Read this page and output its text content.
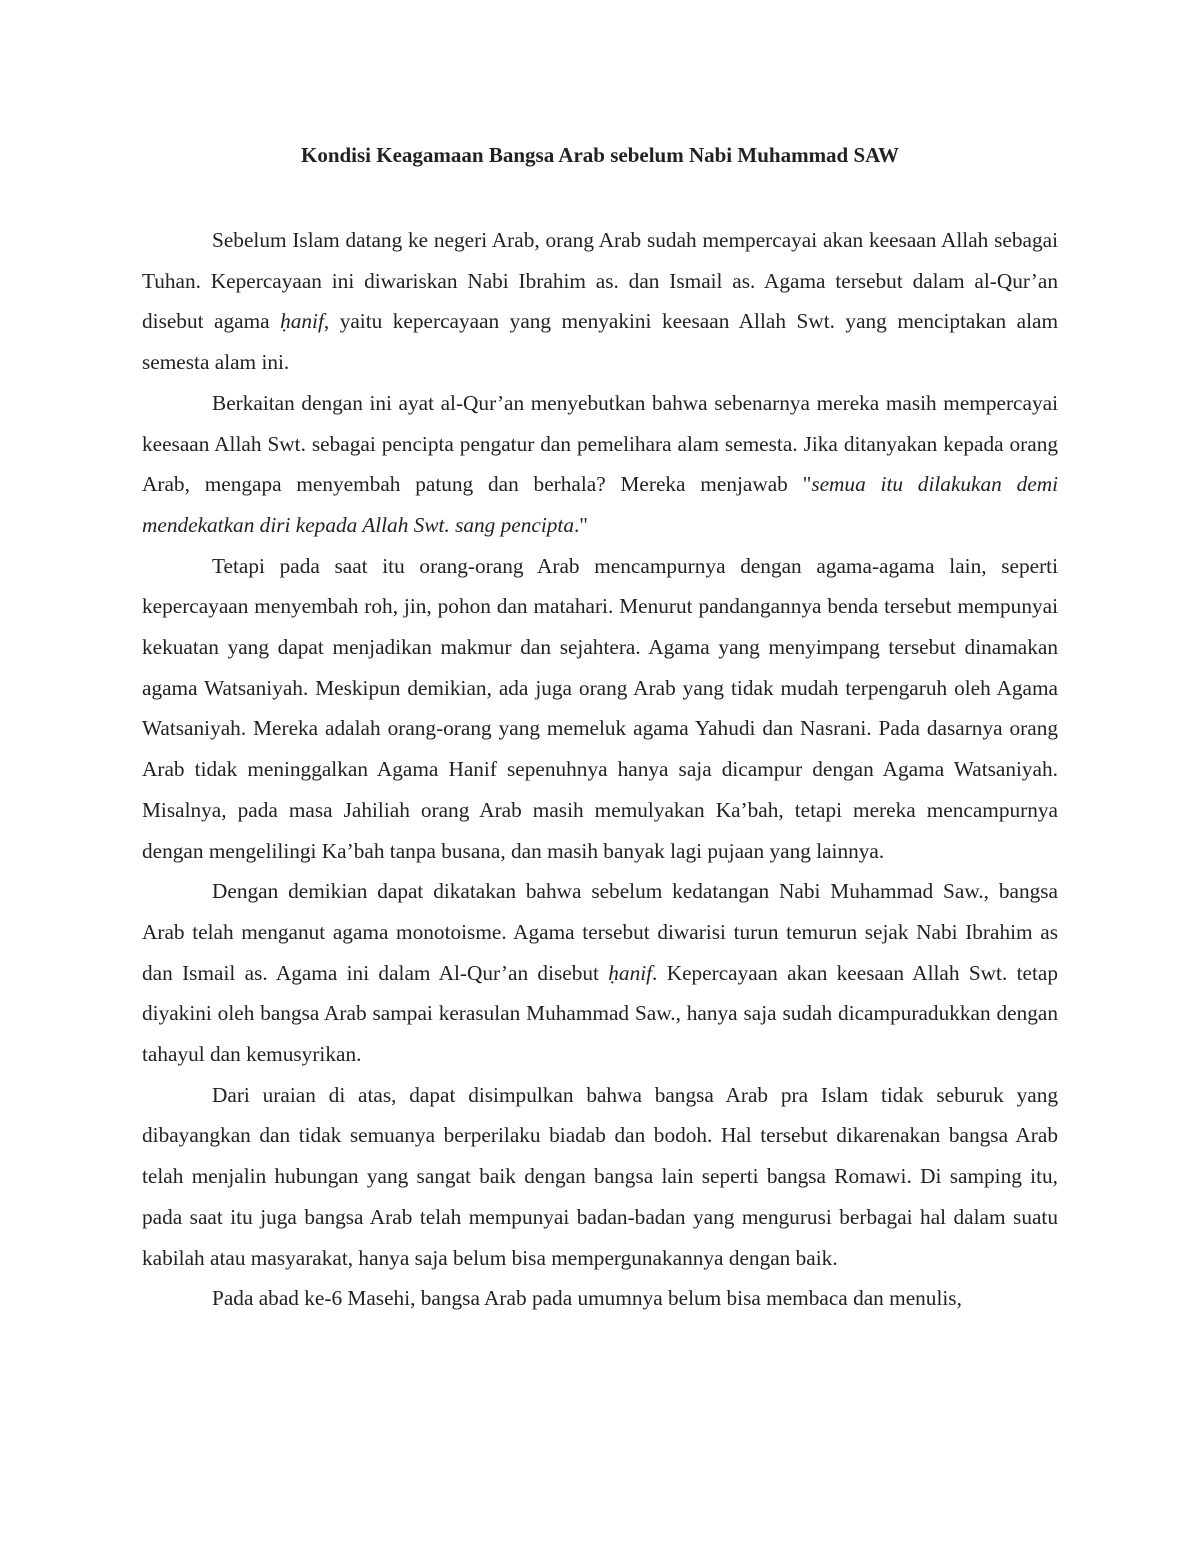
Kondisi Keagamaan Bangsa Arab sebelum Nabi Muhammad SAW

Sebelum Islam datang ke negeri Arab, orang Arab sudah mempercayai akan keesaan Allah sebagai Tuhan. Kepercayaan ini diwariskan Nabi Ibrahim as. dan Ismail as. Agama tersebut dalam al-Qur’an disebut agama ḥanif, yaitu kepercayaan yang menyakini keesaan Allah Swt. yang menciptakan alam semesta alam ini.

Berkaitan dengan ini ayat al-Qur’an menyebutkan bahwa sebenarnya mereka masih mempercayai keesaan Allah Swt. sebagai pencipta pengatur dan pemelihara alam semesta. Jika ditanyakan kepada orang Arab, mengapa menyembah patung dan berhala? Mereka menjawab "semua itu dilakukan demi mendekatkan diri kepada Allah Swt. sang pencipta."

Tetapi pada saat itu orang-orang Arab mencampurnya dengan agama-agama lain, seperti kepercayaan menyembah roh, jin, pohon dan matahari. Menurut pandangannya benda tersebut mempunyai kekuatan yang dapat menjadikan makmur dan sejahtera. Agama yang menyimpang tersebut dinamakan agama Watsaniyah. Meskipun demikian, ada juga orang Arab yang tidak mudah terpengaruh oleh Agama Watsaniyah. Mereka adalah orang-orang yang memeluk agama Yahudi dan Nasrani. Pada dasarnya orang Arab tidak meninggalkan Agama Hanif sepenuhnya hanya saja dicampur dengan Agama Watsaniyah. Misalnya, pada masa Jahiliah orang Arab masih memulyakan Ka’bah, tetapi mereka mencampurnya dengan mengelilingi Ka’bah tanpa busana, dan masih banyak lagi pujaan yang lainnya.

Dengan demikian dapat dikatakan bahwa sebelum kedatangan Nabi Muhammad Saw., bangsa Arab telah menganut agama monotoisme. Agama tersebut diwarisi turun temurun sejak Nabi Ibrahim as dan Ismail as. Agama ini dalam Al-Qur’an disebut ḥanif. Kepercayaan akan keesaan Allah Swt. tetap diyakini oleh bangsa Arab sampai kerasulan Muhammad Saw., hanya saja sudah dicampuradukkan dengan tahayul dan kemusyrikan.

Dari uraian di atas, dapat disimpulkan bahwa bangsa Arab pra Islam tidak seburuk yang dibayangkan dan tidak semuanya berperilaku biadab dan bodoh. Hal tersebut dikarenakan bangsa Arab telah menjalin hubungan yang sangat baik dengan bangsa lain seperti bangsa Romawi. Di samping itu, pada saat itu juga bangsa Arab telah mempunyai badan-badan yang mengurusi berbagai hal dalam suatu kabilah atau masyarakat, hanya saja belum bisa mempergunakannya dengan baik.

Pada abad ke-6 Masehi, bangsa Arab pada umumnya belum bisa membaca dan menulis,
